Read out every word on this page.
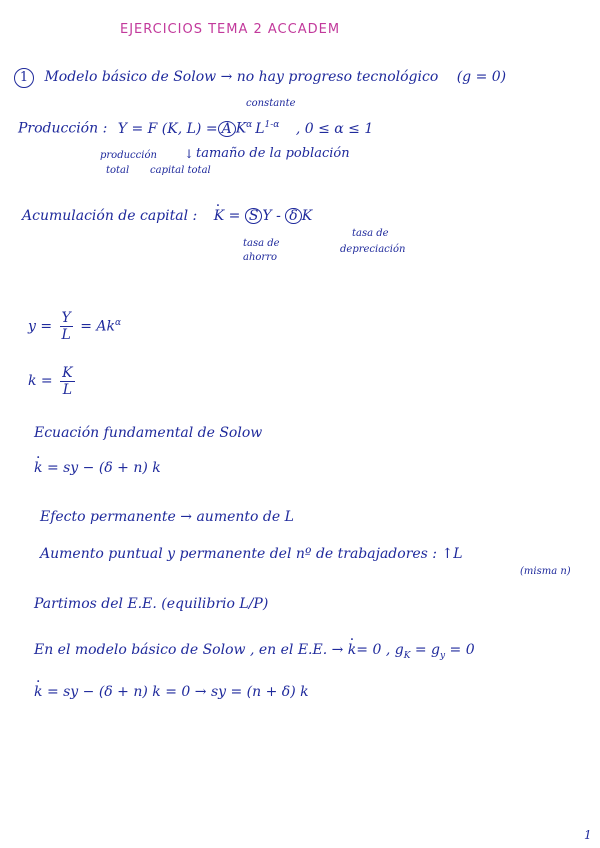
EJERCICIOS TEMA 2 ACCADEM
1 Modelo básico de Solow → no hay progreso tecnológico (g = 0)
constante
Producción : Y = F (K, L) = A $K^\alpha$ $L^{1-\alpha}$ , 0 ≤ α ≤ 1
producción
total capital total
↓ tamaño de la población
Acumulación de capital : · K = S Y - δ K
tasa de
ahorro
tasa de
depreciación
$y = \frac{Y}{L} = Ak^\alpha$
$k = \frac{K}{L}$
Ecuación fundamental de Solow
· k = sy − (δ + n) k
Efecto permanente → aumento de L
Aumento puntual y permanente del nº de trabajadores : ↑L
(misma n)
Partimos del E.E. (equilibrio L/P)
En el modelo básico de Solow , en el E.E. → · k= 0 , $g_K = g_y = 0$
· k = sy − (δ + n) k = 0 → sy = (n + δ) k
1
